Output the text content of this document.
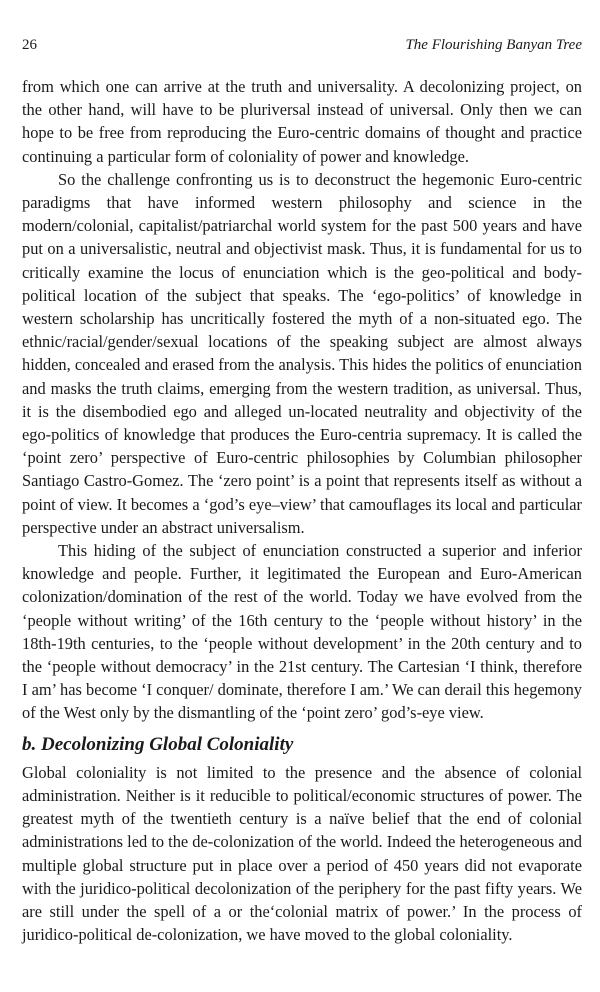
26	The Flourishing Banyan Tree

from which one can arrive at the truth and universality. A decolonizing project, on the other hand, will have to be pluriversal instead of universal. Only then we can hope to be free from reproducing the Euro-centric domains of thought and practice continuing a particular form of coloniality of power and knowledge.

So the challenge confronting us is to deconstruct the hegemonic Euro-centric paradigms that have informed western philosophy and science in the modern/colonial, capitalist/patriarchal world system for the past 500 years and have put on a universalistic, neutral and objectivist mask. Thus, it is fundamental for us to critically examine the locus of enunciation which is the geo-political and body-political location of the subject that speaks. The ‘ego-politics’ of knowledge in western scholarship has uncritically fostered the myth of a non-situated ego. The ethnic/racial/gender/sexual locations of the speaking subject are almost always hidden, concealed and erased from the analysis. This hides the politics of enunciation and masks the truth claims, emerging from the western tradition, as universal. Thus, it is the disembodied ego and alleged un-located neutrality and objectivity of the ego-politics of knowledge that produces the Euro-centria supremacy. It is called the ‘point zero’ perspective of Euro-centric philosophies by Columbian philosopher Santiago Castro-Gomez. The ‘zero point’ is a point that represents itself as without a point of view. It becomes a ‘god’s eye–view’ that camouflages its local and particular perspective under an abstract universalism.

This hiding of the subject of enunciation constructed a superior and inferior knowledge and people. Further, it legitimated the European and Euro-American colonization/domination of the rest of the world. Today we have evolved from the ‘people without writing’ of the 16th century to the ‘people without history’ in the 18th-19th centuries, to the ‘people without development’ in the 20th century and to the ‘people without democracy’ in the 21st century. The Cartesian ‘I think, therefore I am’ has become ‘I conquer/ dominate, therefore I am.’ We can derail this hegemony of the West only by the dismantling of the ‘point zero’ god’s-eye view.

b. Decolonizing Global Coloniality

Global coloniality is not limited to the presence and the absence of colonial administration. Neither is it reducible to political/economic structures of power. The greatest myth of the twentieth century is a naïve belief that the end of colonial administrations led to the de-colonization of the world. Indeed the heterogeneous and multiple global structure put in place over a period of 450 years did not evaporate with the juridico-political decolonization of the periphery for the past fifty years. We are still under the spell of a or the‘colonial matrix of power.’ In the process of juridico-political de-colonization, we have moved to the global coloniality.
